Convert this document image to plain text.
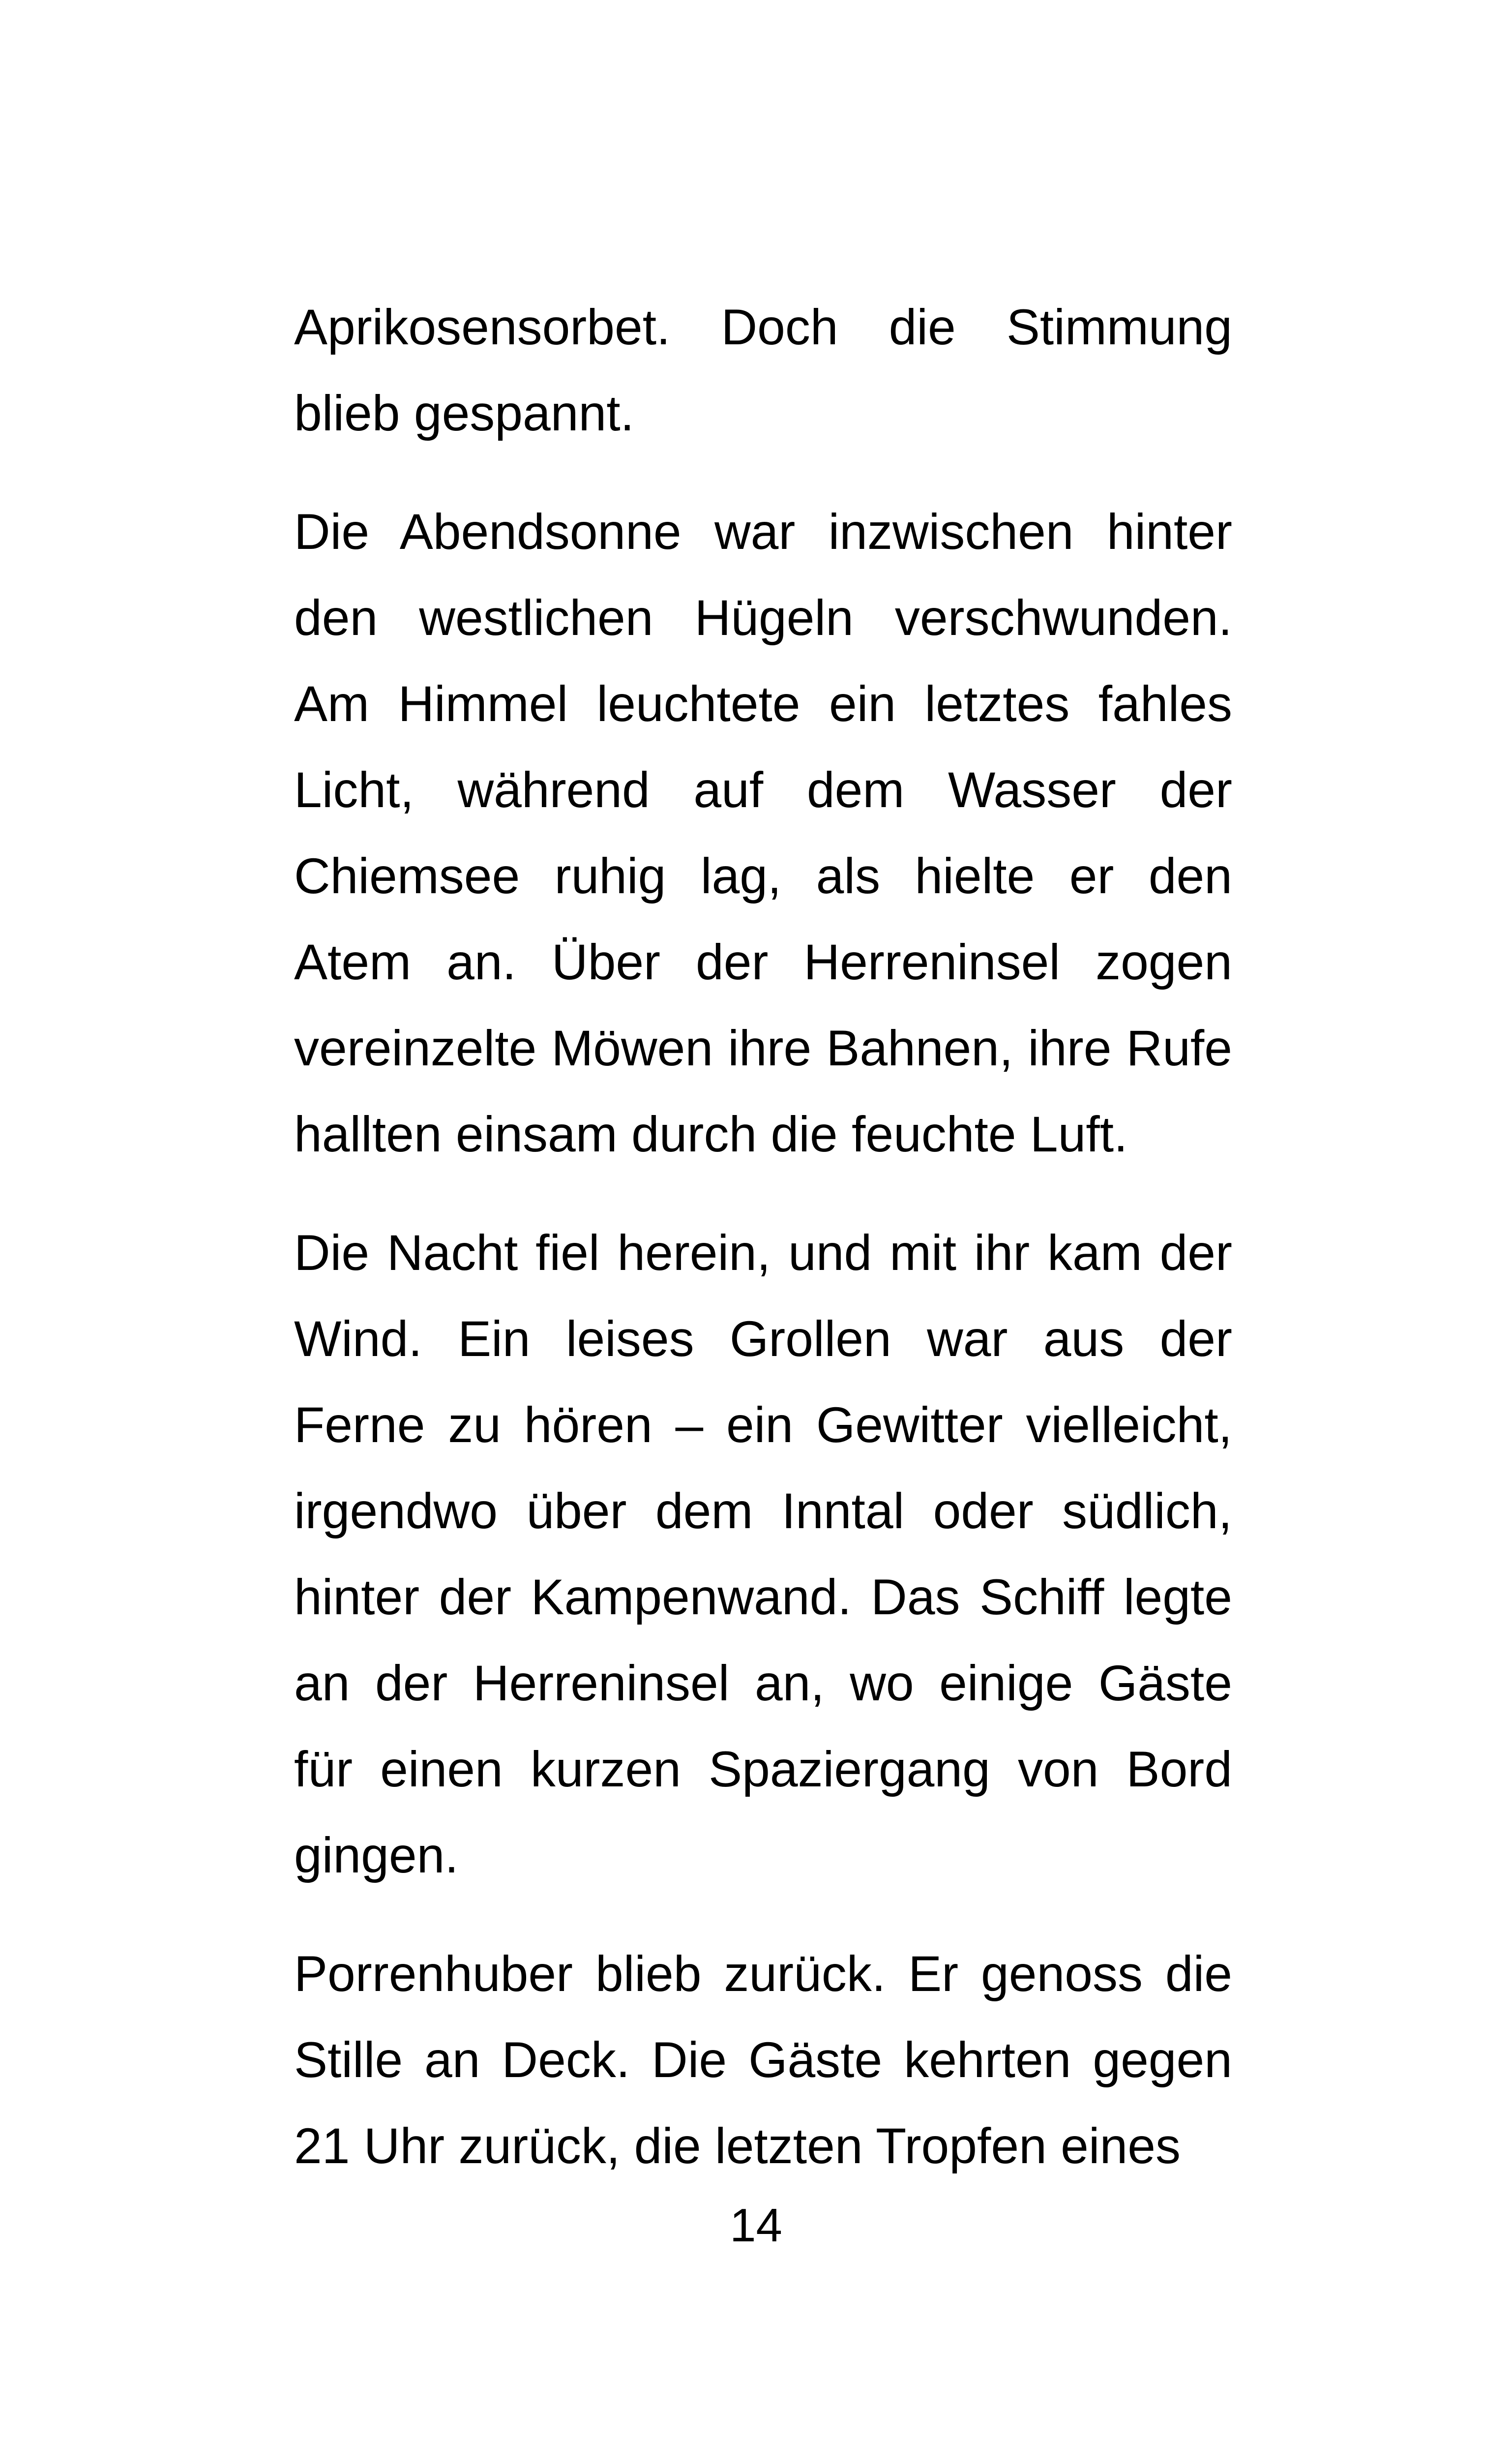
Aprikosensorbet. Doch die Stimmung blieb gespannt.

Die Abendsonne war inzwischen hinter den westlichen Hügeln verschwunden. Am Himmel leuchtete ein letztes fahles Licht, während auf dem Wasser der Chiemsee ruhig lag, als hielte er den Atem an. Über der Herreninsel zogen vereinzelte Möwen ihre Bahnen, ihre Rufe hallten einsam durch die feuchte Luft.

Die Nacht fiel herein, und mit ihr kam der Wind. Ein leises Grollen war aus der Ferne zu hören – ein Gewitter vielleicht, irgendwo über dem Inntal oder südlich, hinter der Kampenwand. Das Schiff legte an der Herreninsel an, wo einige Gäste für einen kurzen Spaziergang von Bord gingen.

Porrenhuber blieb zurück. Er genoss die Stille an Deck. Die Gäste kehrten gegen 21 Uhr zurück, die letzten Tropfen eines

14
